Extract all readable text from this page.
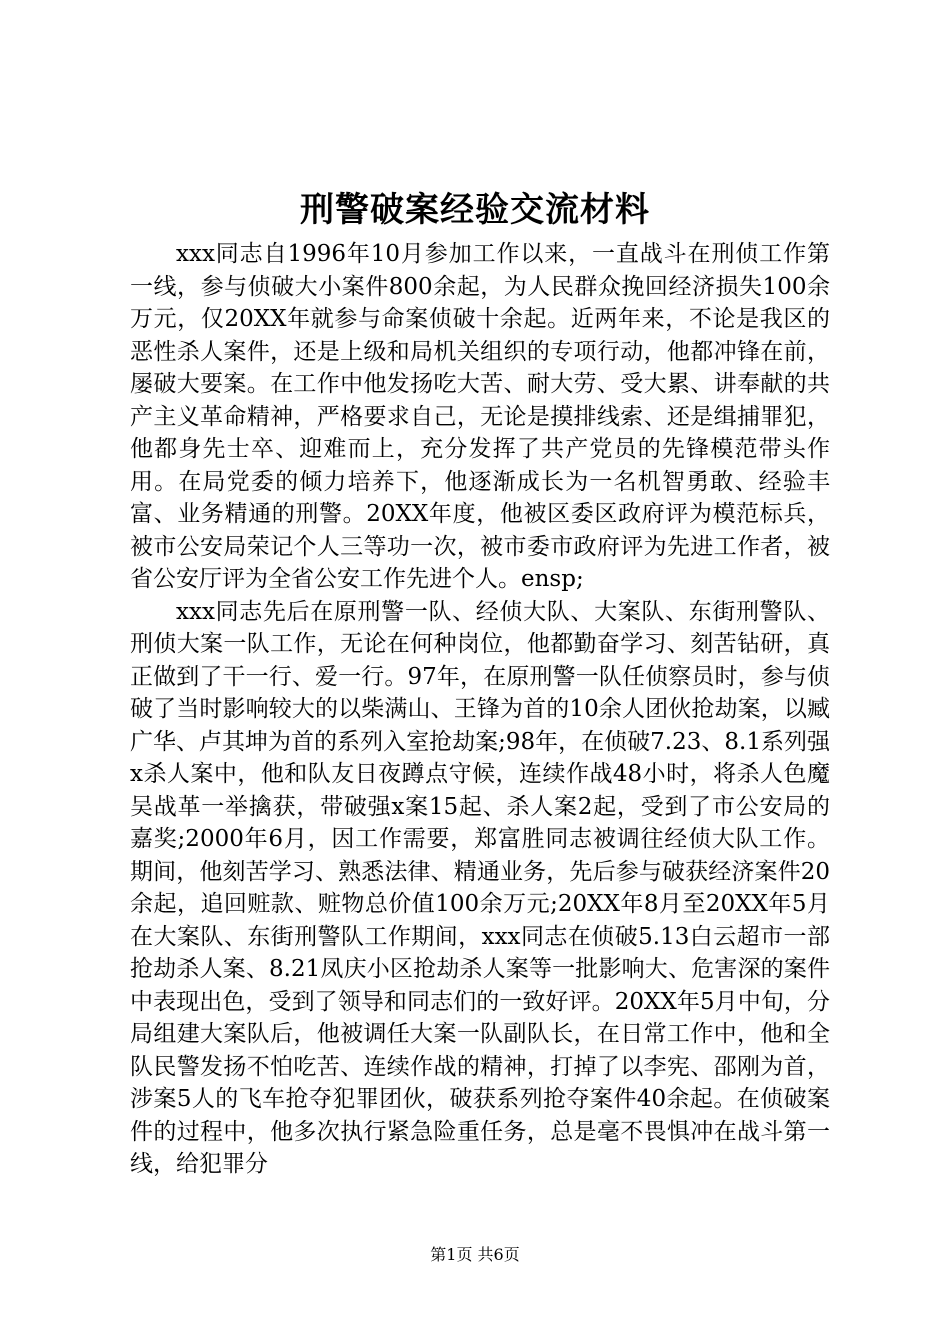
刑警破案经验交流材料

xxx同志自1996年10月参加工作以来，一直战斗在刑侦工作第一线，参与侦破大小案件800余起，为人民群众挽回经济损失100余万元，仅20XX年就参与命案侦破十余起。近两年来，不论是我区的恶性杀人案件，还是上级和局机关组织的专项行动，他都冲锋在前，屡破大要案。在工作中他发扬吃大苦、耐大劳、受大累、讲奉献的共产主义革命精神，严格要求自己，无论是摸排线索、还是缉捕罪犯，他都身先士卒、迎难而上，充分发挥了共产党员的先锋模范带头作用。在局党委的倾力培养下，他逐渐成长为一名机智勇敢、经验丰富、业务精通的刑警。20XX年度，他被区委区政府评为模范标兵，被市公安局荣记个人三等功一次，被市委市政府评为先进工作者，被省公安厅评为全省公安工作先进个人。ensp;

xxx同志先后在原刑警一队、经侦大队、大案队、东街刑警队、刑侦大案一队工作，无论在何种岗位，他都勤奋学习、刻苦钻研，真正做到了干一行、爱一行。97年，在原刑警一队任侦察员时，参与侦破了当时影响较大的以柴满山、王锋为首的10余人团伙抢劫案，以臧广华、卢其坤为首的系列入室抢劫案;98年，在侦破7.23、8.1系列强x杀人案中，他和队友日夜蹲点守候，连续作战48小时，将杀人色魔吴战革一举擒获，带破强x案15起、杀人案2起，受到了市公安局的嘉奖;2000年6月，因工作需要，郑富胜同志被调往经侦大队工作。期间，他刻苦学习、熟悉法律、精通业务，先后参与破获经济案件20余起，追回赃款、赃物总价值100余万元;20XX年8月至20XX年5月在大案队、东街刑警队工作期间，xxx同志在侦破5.13白云超市一部抢劫杀人案、8.21凤庆小区抢劫杀人案等一批影响大、危害深的案件中表现出色，受到了领导和同志们的一致好评。20XX年5月中旬，分局组建大案队后，他被调任大案一队副队长，在日常工作中，他和全队民警发扬不怕吃苦、连续作战的精神，打掉了以李宪、邵刚为首，涉案5人的飞车抢夺犯罪团伙，破获系列抢夺案件40余起。在侦破案件的过程中，他多次执行紧急险重任务，总是毫不畏惧冲在战斗第一线，给犯罪分

第1页 共6页
